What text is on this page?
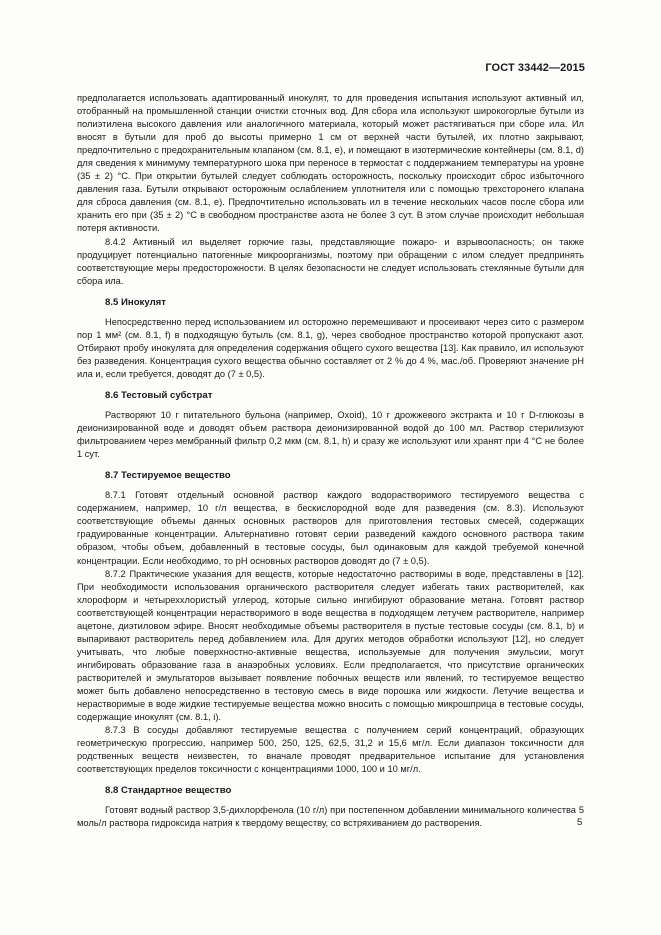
ГОСТ 33442—2015

предполагается использовать адаптированный инокулят, то для проведения испытания используют активный ил, отобранный на промышленной станции очистки сточных вод. Для сбора ила используют широкогорлые бутыли из полиэтилена высокого давления или аналогичного материала, который может растягиваться при сборе ила. Ил вносят в бутыли для проб до высоты примерно 1 см от верхней части бутылей, их плотно закрывают, предпочтительно с предохранительным клапаном (см. 8.1, е), и помещают в изотермические контейнеры (см. 8.1, d) для сведения к минимуму температурного шока при переносе в термостат с поддержанием температуры на уровне (35 ± 2) °С. При открытии бутылей следует соблюдать осторожность, поскольку происходит сброс избыточного давления газа. Бутыли открывают осторожным ослаблением уплотнителя или с помощью трехсторонего клапана для сброса давления (см. 8.1, е). Предпочтительно использовать ил в течение нескольких часов после сбора или хранить его при (35 ± 2) °С в свободном пространстве азота не более 3 сут. В этом случае происходит небольшая потеря активности.

8.4.2 Активный ил выделяет горючие газы, представляющие пожаро- и взрывоопасность; он также продуцирует потенциально патогенные микроорганизмы, поэтому при обращении с илом следует предпринять соответствующие меры предосторожности. В целях безопасности не следует использовать стеклянные бутыли для сбора ила.

8.5 Инокулят

Непосредственно перед использованием ил осторожно перемешивают и просеивают через сито с размером пор 1 мм² (см. 8.1, f) в подходящую бутыль (см. 8.1, g), через свободное пространство которой пропускают азот. Отбирают пробу инокулята для определения содержания общего сухого вещества [13]. Как правило, ил используют без разведения. Концентрация сухого вещества обычно составляет от 2 % до 4 %, мас./об. Проверяют значение pH ила и, если требуется, доводят до (7 ± 0,5).

8.6 Тестовый субстрат

Растворяют 10 г питательного бульона (например, Oxoid), 10 г дрожжевого экстракта и 10 г D-глюкозы в деионизированной воде и доводят объем раствора деионизированной водой до 100 мл. Раствор стерилизуют фильтрованием через мембранный фильтр 0,2 мкм (см. 8.1, h) и сразу же используют или хранят при 4 °С не более 1 сут.

8.7 Тестируемое вещество

8.7.1 Готовят отдельный основной раствор каждого водорастворимого тестируемого вещества с содержанием, например, 10 г/л вещества, в бескислородной воде для разведения (см. 8.3). Используют соответствующие объемы данных основных растворов для приготовления тестовых смесей, содержащих градуированные концентрации. Альтернативно готовят серии разведений каждого основного раствора таким образом, чтобы объем, добавленный в тестовые сосуды, был одинаковым для каждой требуемой конечной концентрации. Если необходимо, то pH основных растворов доводят до (7 ± 0,5).

8.7.2 Практические указания для веществ, которые недостаточно растворимы в воде, представлены в [12]. При необходимости использования органического растворителя следует избегать таких растворителей, как хлороформ и четыреххлористый углерод, которые сильно ингибируют образование метана. Готовят раствор соответствующей концентрации нерастворимого в воде вещества в подходящем летучем растворителе, например ацетоне, диэтиловом эфире. Вносят необходимые объемы растворителя в пустые тестовые сосуды (см. 8.1, b) и выпаривают растворитель перед добавлением ила. Для других методов обработки используют [12], но следует учитывать, что любые поверхностно-активные вещества, используемые для получения эмульсии, могут ингибировать образование газа в анаэробных условиях. Если предполагается, что присутствие органических растворителей и эмульгаторов вызывает появление побочных веществ или явлений, то тестируемое вещество может быть добавлено непосредственно в тестовую смесь в виде порошка или жидкости. Летучие вещества и нерастворимые в воде жидкие тестируемые вещества можно вносить с помощью микрошприца в тестовые сосуды, содержащие инокулят (см. 8.1, i).

8.7.3 В сосуды добавляют тестируемые вещества с получением серий концентраций, образующих геометрическую прогрессию, например 500, 250, 125, 62,5, 31,2 и 15,6 мг/л. Если диапазон токсичности для родственных веществ неизвестен, то вначале проводят предварительное испытание для установления соответствующих пределов токсичности с концентрациями 1000, 100 и 10 мг/л.

8.8 Стандартное вещество

Готовят водный раствор 3,5-дихлорфенола (10 г/л) при постепенном добавлении минимального количества 5 моль/л раствора гидроксида натрия к твердому веществу, со встряхиванием до растворения.	5
